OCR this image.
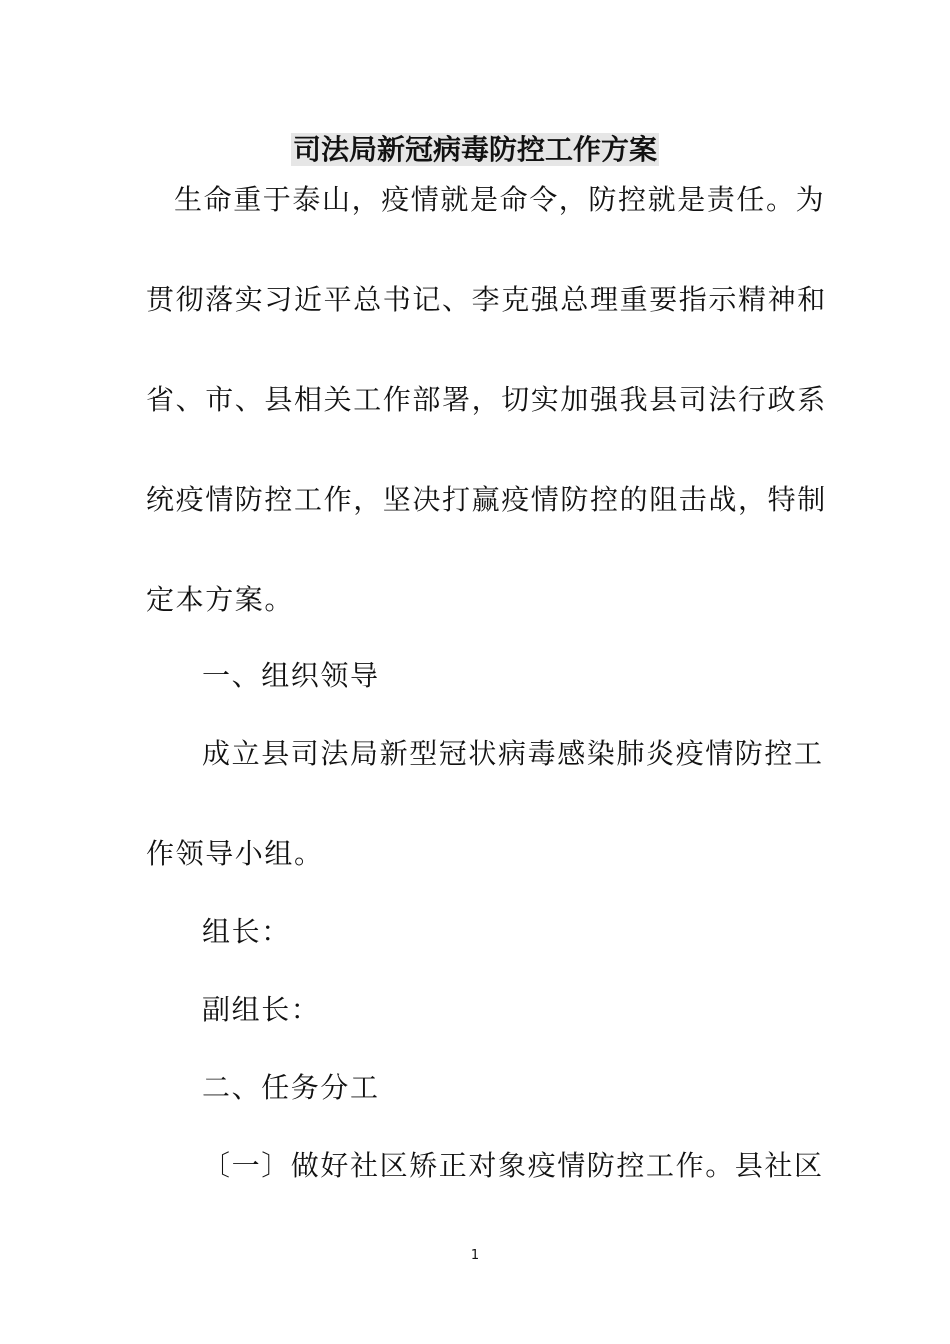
司法局新冠病毒防控工作方案
生命重于泰山，疫情就是命令，防控就是责任。为
贯彻落实习近平总书记、李克强总理重要指示精神和
省、市、县相关工作部署，切实加强我县司法行政系
统疫情防控工作，坚决打赢疫情防控的阻击战，特制
定本方案。
一、组织领导
成立县司法局新型冠状病毒感染肺炎疫情防控工
作领导小组。
组长：
副组长：
二、任务分工
〔一〕做好社区矫正对象疫情防控工作。县社区
1
